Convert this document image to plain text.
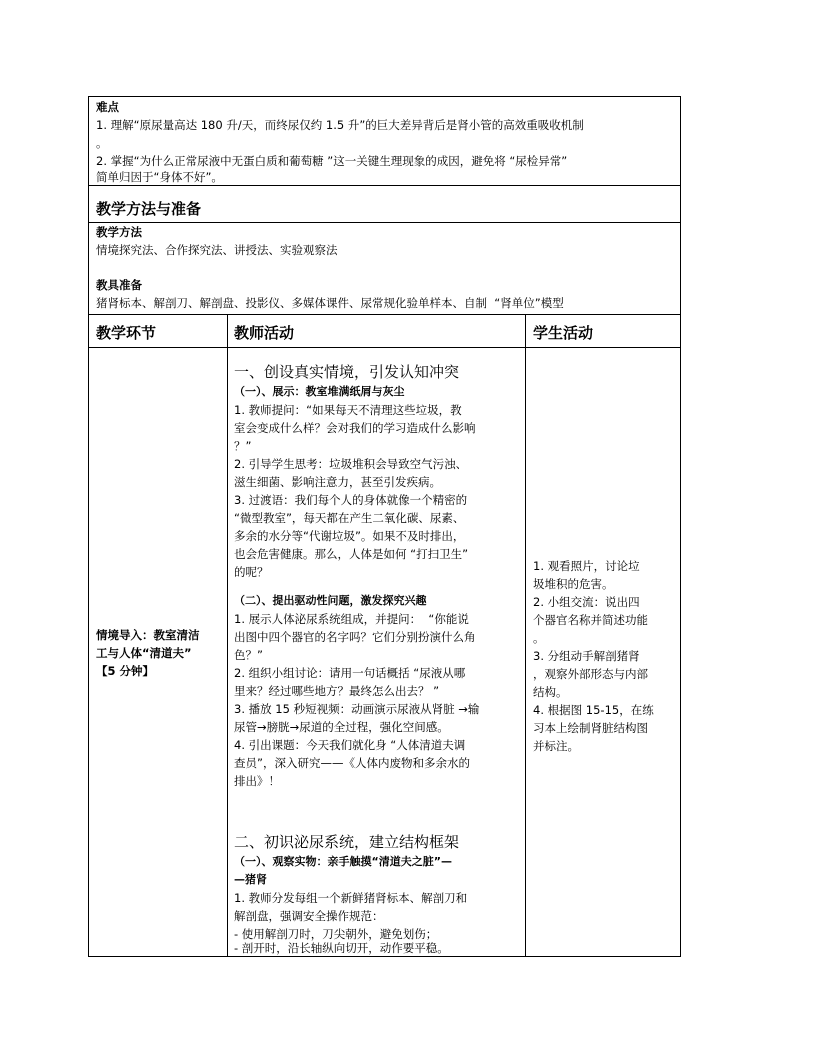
难点
1. 理解“原尿量高达 180 升/天，而终尿仅约 1.5 升”的巨大差异背后是肾小管的高效重吸收机制
。
2. 掌握“为什么正常尿液中无蛋白质和葡萄糖 ”这一关键生理现象的成因，避免将 “尿检异常”
简单归因于“身体不好”。
教学方法与准备
教学方法
情境探究法、合作探究法、讲授法、实验观察法
教具准备
猪肾标本、解剖刀、解剖盘、投影仪、多媒体课件、尿常规化验单样本、自制  “肾单位”模型
教学环节	教师活动	学生活动
情境导入：教室清洁
工与人体“清道夫”
【5 分钟】
一、创设真实情境，引发认知冲突
（一）、展示：教室堆满纸屑与灰尘
1. 教师提问：“如果每天不清理这些垃圾，教
室会变成什么样？会对我们的学习造成什么影响
？”
2. 引导学生思考：垃圾堆积会导致空气污浊、
滋生细菌、影响注意力，甚至引发疾病。
3. 过渡语：我们每个人的身体就像一个精密的
“微型教室”，每天都在产生二氧化碳、尿素、
多余的水分等“代谢垃圾”。如果不及时排出，
也会危害健康。那么，人体是如何 “打扫卫生”
的呢？
（二）、提出驱动性问题，激发探究兴趣
1. 展示人体泌尿系统组成，并提问：  “你能说
出图中四个器官的名字吗？它们分别扮演什么角
色？”
2. 组织小组讨论：请用一句话概括 “尿液从哪
里来？经过哪些地方？最终怎么出去？ ”
3. 播放 15 秒短视频：动画演示尿液从肾脏 →输
尿管→膀胱→尿道的全过程，强化空间感。
4. 引出课题：今天我们就化身 “人体清道夫调
查员”，深入研究——《人体内废物和多余水的
排出》！
二、初识泌尿系统，建立结构框架
（一）、观察实物：亲手触摸“清道夫之脏”—
—猪肾
1. 教师分发每组一个新鲜猪肾标本、解剖刀和
解剖盘，强调安全操作规范：
- 使用解剖刀时，刀尖朝外，避免划伤；
- 剖开时，沿长轴纵向切开，动作要平稳。
1. 观看照片，讨论垃
圾堆积的危害。
2. 小组交流：说出四
个器官名称并简述功能
。
3. 分组动手解剖猪肾
，观察外部形态与内部
结构。
4. 根据图 15-15，在练
习本上绘制肾脏结构图
并标注。
